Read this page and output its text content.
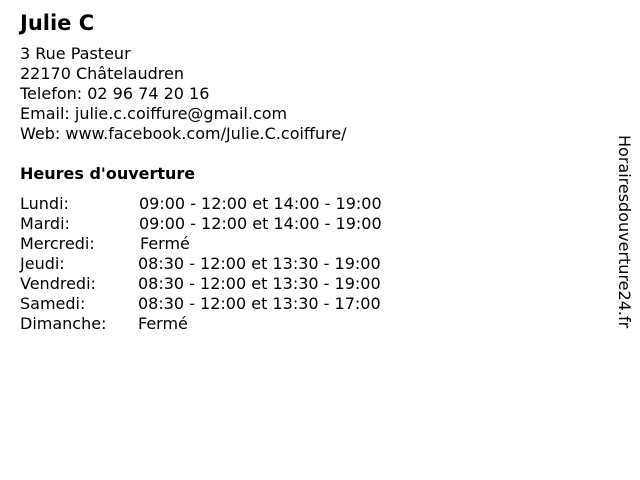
Julie C
3 Rue Pasteur
22170 Châtelaudren
Telefon: 02 96 74 20 16
Email: julie.c.coiffure@gmail.com
Web: www.facebook.com/Julie.C.coiffure/
Heures d'ouverture
Lundi:	09:00 - 12:00 et 14:00 - 19:00
Mardi:	09:00 - 12:00 et 14:00 - 19:00
Mercredi:	Fermé
Jeudi:	08:30 - 12:00 et 13:30 - 19:00
Vendredi:	08:30 - 12:00 et 13:30 - 19:00
Samedi:	08:30 - 12:00 et 13:30 - 17:00
Dimanche: Fermé	Horairesdouverture24.fr
